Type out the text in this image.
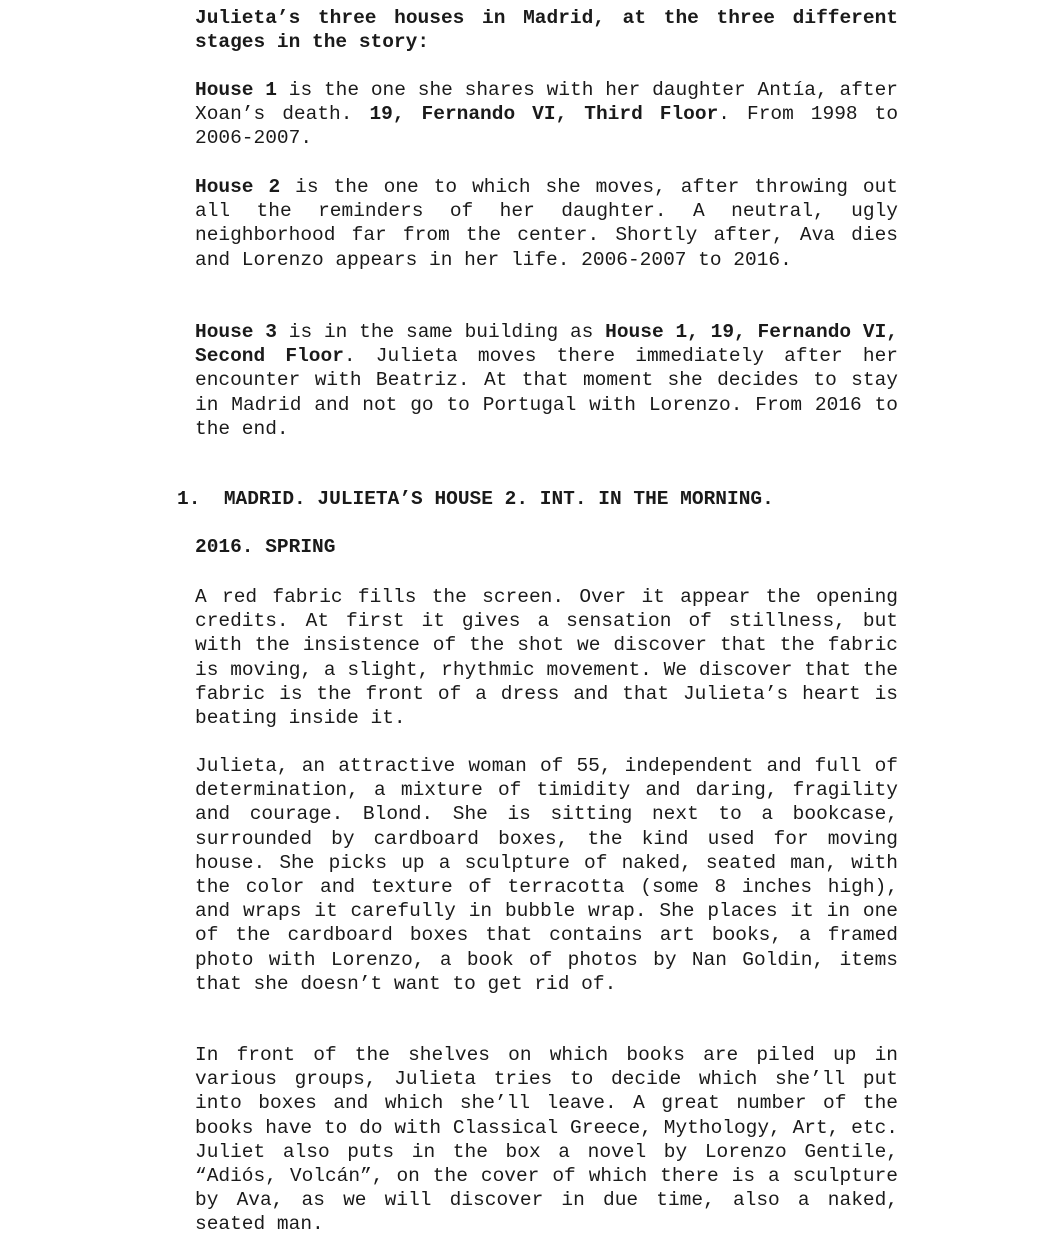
Julieta’s three houses in Madrid, at the three different stages in the story:

House 1 is the one she shares with her daughter Antía, after Xoan’s death. 19, Fernando VI, Third Floor. From 1998 to 2006-2007.

House 2 is the one to which she moves, after throwing out all the reminders of her daughter. A neutral, ugly neighborhood far from the center. Shortly after, Ava dies and Lorenzo appears in her life. 2006-2007 to 2016.

House 3 is in the same building as House 1, 19, Fernando VI, Second Floor. Julieta moves there immediately after her encounter with Beatriz. At that moment she decides to stay in Madrid and not go to Portugal with Lorenzo. From 2016 to the end.

1. MADRID. JULIETA’S HOUSE 2. INT. IN THE MORNING.

2016. SPRING

A red fabric fills the screen. Over it appear the opening credits. At first it gives a sensation of stillness, but with the insistence of the shot we discover that the fabric is moving, a slight, rhythmic movement. We discover that the fabric is the front of a dress and that Julieta’s heart is beating inside it.

Julieta, an attractive woman of 55, independent and full of determination, a mixture of timidity and daring, fragility and courage. Blond. She is sitting next to a bookcase, surrounded by cardboard boxes, the kind used for moving house. She picks up a sculpture of naked, seated man, with the color and texture of terracotta (some 8 inches high), and wraps it carefully in bubble wrap. She places it in one of the cardboard boxes that contains art books, a framed photo with Lorenzo, a book of photos by Nan Goldin, items that she doesn’t want to get rid of.

In front of the shelves on which books are piled up in various groups, Julieta tries to decide which she’ll put into boxes and which she’ll leave. A great number of the books have to do with Classical Greece, Mythology, Art, etc. Juliet also puts in the box a novel by Lorenzo Gentile, “Adiós, Volcán”, on the cover of which there is a sculpture by Ava, as we will discover in due time, also a naked, seated man.
